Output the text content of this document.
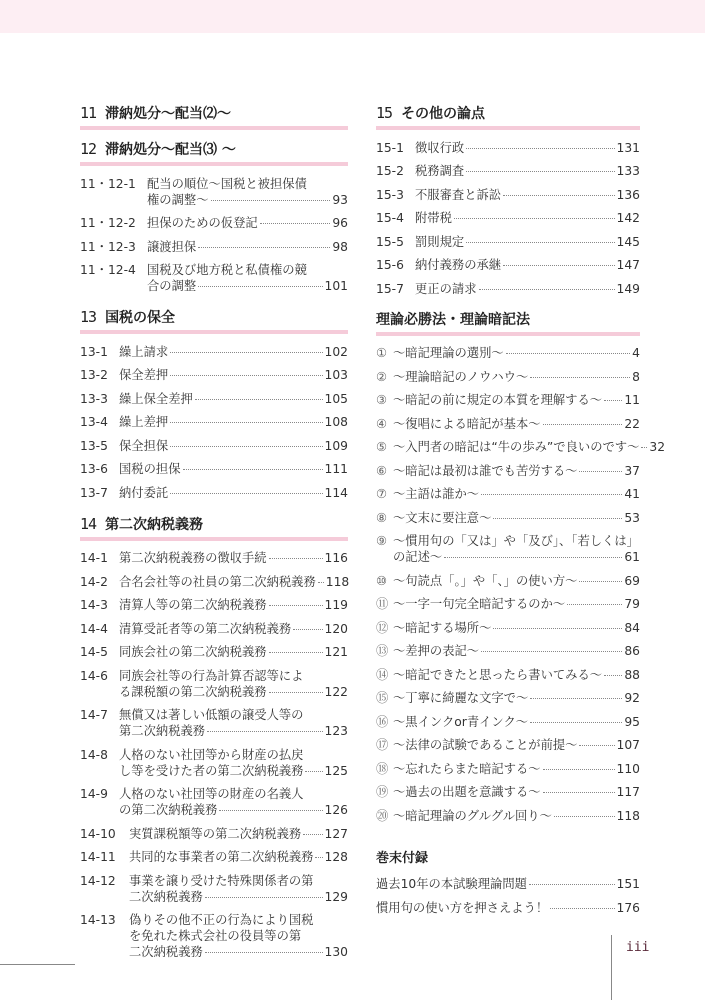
11 滞納処分～配当⑵～
12 滞納処分～配当⑶ ～
11・12-1 配当の順位～国税と被担保債
権の調整～	93
11・12-2 担保のための仮登記	96
11・12-3 譲渡担保	98
11・12-4 国税及び地方税と私債権の競
合の調整	101
13 国税の保全
13-1 繰上請求	102
13-2 保全差押	103
13-3 繰上保全差押	105
13-4 繰上差押	108
13-5 保全担保	109
13-6 国税の担保	111
13-7 納付委託	114
14 第二次納税義務
14-1 第二次納税義務の徴収手続	116
14-2 合名会社等の社員の第二次納税義務 118
14-3 清算人等の第二次納税義務	119
14-4 清算受託者等の第二次納税義務	120
14-5 同族会社の第二次納税義務	121
14-6 同族会社等の行為計算否認等によ
る課税額の第二次納税義務	122
14-7 無償又は著しい低額の譲受人等の
第二次納税義務	123
14-8 人格のない社団等から財産の払戻
し等を受けた者の第二次納税義務 125
14-9 人格のない社団等の財産の名義人
の第二次納税義務	126
14-10	実質課税額等の第二次納税義務 127
14-11	共同的な事業者の第二次納税義務 128
14-12	事業を譲り受けた特殊関係者の第
二次納税義務	129
14-13	偽りその他不正の行為により国税
を免れた株式会社の役員等の第
二次納税義務	130
15 その他の論点
15-1 徴収行政	131
15-2 税務調査	133
15-3 不服審査と訴訟	136
15-4 附帯税	142
15-5 罰則規定	145
15-6 納付義務の承継	147
15-7 更正の請求	149
理論必勝法・理論暗記法
① ～暗記理論の選別～	4
② ～理論暗記のノウハウ～	8
③ ～暗記の前に規定の本質を理解する～ 11
④ ～復唱による暗記が基本～	22
⑤ ～入門者の暗記は“牛の歩み”で良いのです～ 32
⑥ ～暗記は最初は誰でも苦労する～	37
⑦ ～主語は誰か～	41
⑧ ～文末に要注意～	53
⑨ ～慣用句の「又は」や「及び」、「若しくは」
の記述～	61
⑩ ～句読点「。」や「、」の使い方～	69
⑪ ～一字一句完全暗記するのか～	79
⑫ ～暗記する場所～	84
⑬ ～差押の表記～	86
⑭ ～暗記できたと思ったら書いてみる～ 88
⑮ ～丁寧に綺麗な文字で～	92
⑯ ～黒インクor青インク～	95
⑰ ～法律の試験であることが前提～	107
⑱ ～忘れたらまた暗記する～	110
⑲ ～過去の出題を意識する～	117
⑳ ～暗記理論のグルグル回り～	118
巻末付録
過去10年の本試験理論問題	151
慣用句の使い方を押さえよう！	176
iii
